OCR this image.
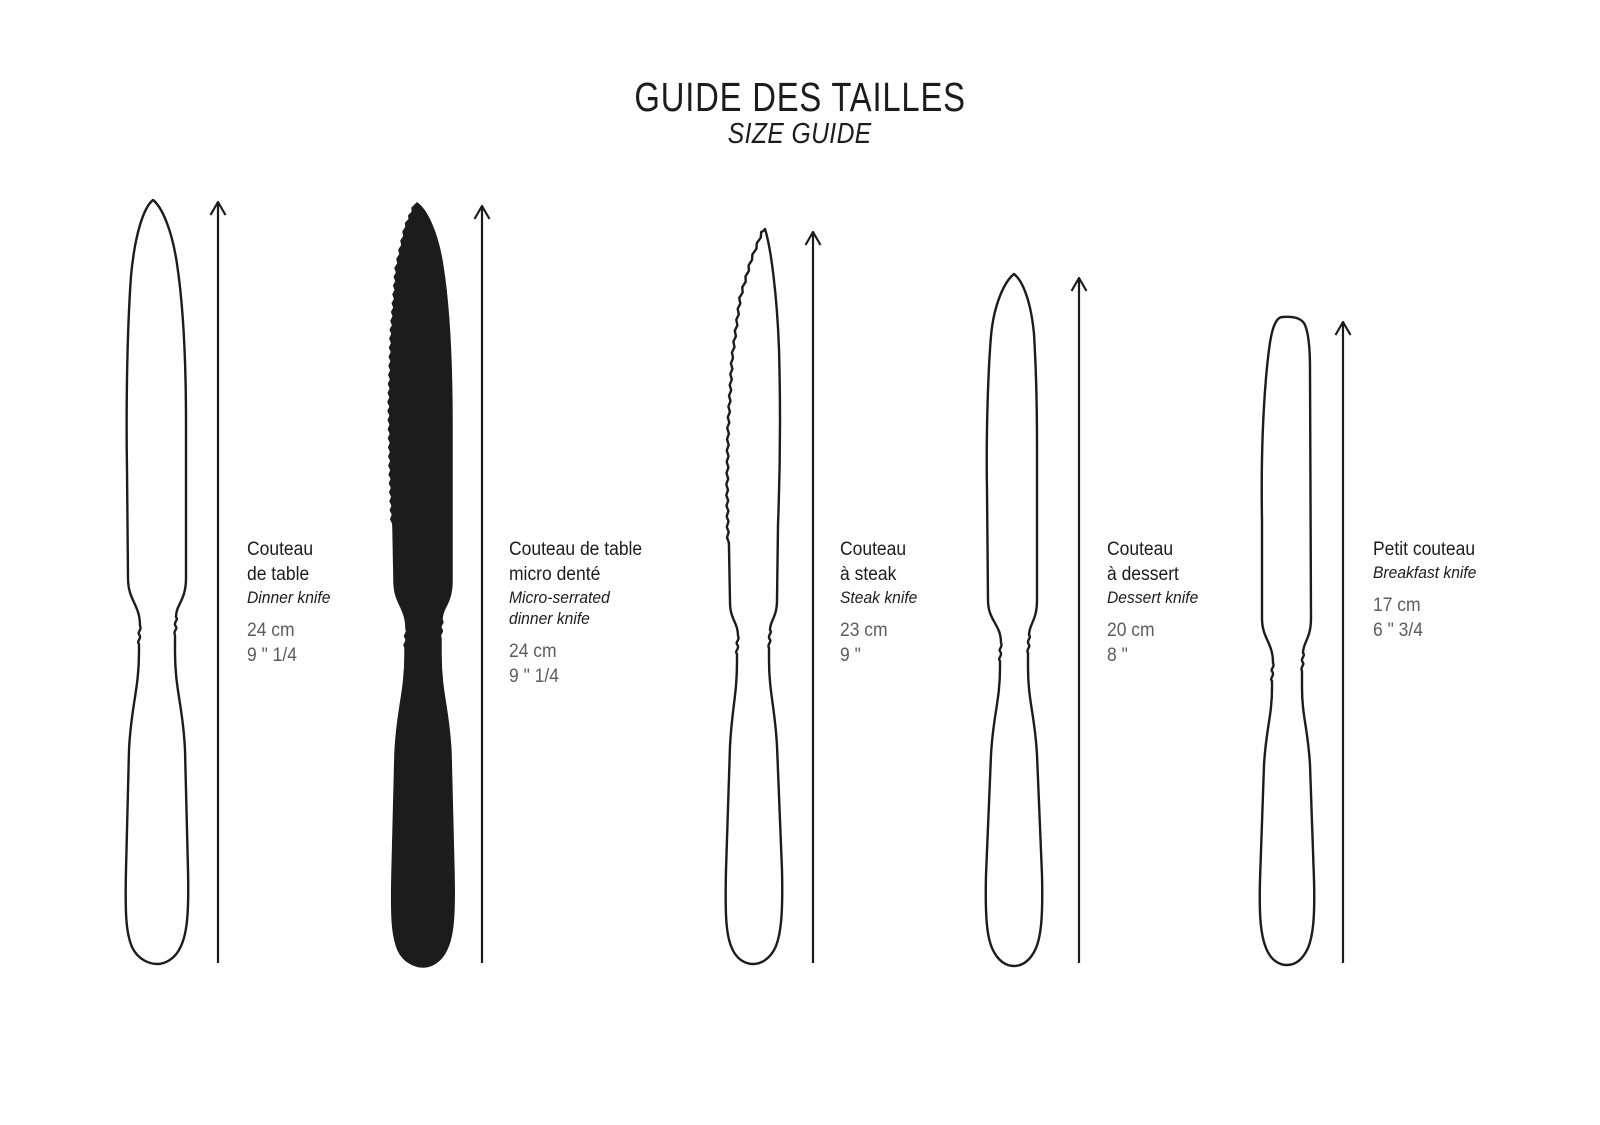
GUIDE DES TAILLES
SIZE GUIDE
Couteau
de table
Dinner knife
24 cm
9 " 1/4
Couteau de table
micro denté
Micro-serrated
dinner knife
24 cm
9 " 1/4
Couteau
à steak
Steak knife
23 cm
9 "
Couteau
à dessert
Dessert knife
20 cm
8 "
Petit couteau
Breakfast knife
17 cm
6 " 3/4
